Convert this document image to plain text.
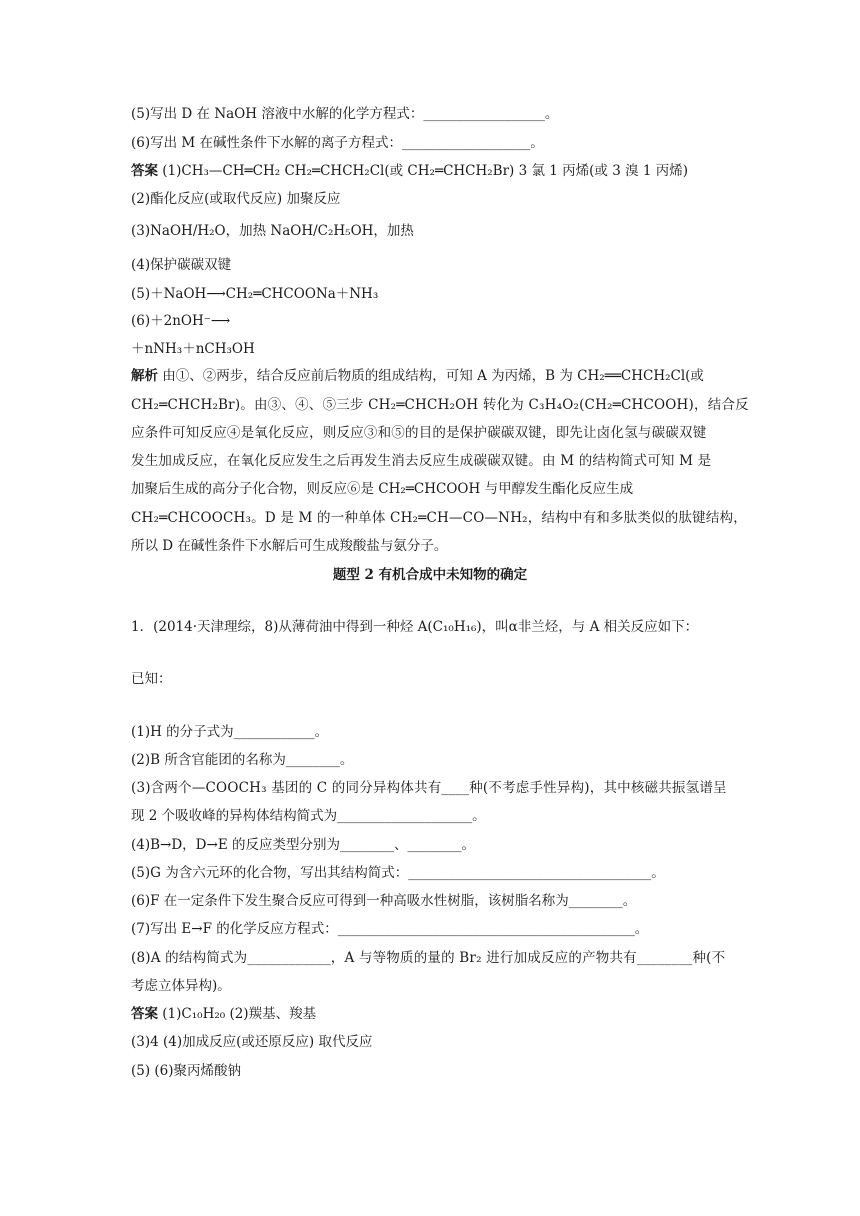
(5)写出 D 在 NaOH 溶液中水解的化学方程式：__________________。
(6)写出 M 在碱性条件下水解的离子方程式：___________________。
答案 (1)CH₃—CH═CH₂ CH₂═CHCH₂Cl(或 CH₂═CHCH₂Br) 3 氯 1 丙烯(或 3 溴 1 丙烯)
(2)酯化反应(或取代反应) 加聚反应
(3)NaOH/H₂O，加热 NaOH/C₂H₅OH，加热
(4)保护碳碳双键
(5)＋NaOH⟶CH₂═CHCOONa＋NH₃
(6)＋2nOH⁻⟶
＋nNH₃＋nCH₃OH
解析 由①、②两步，结合反应前后物质的组成结构，可知 A 为丙烯，B 为 CH₂══CHCH₂Cl(或
CH₂═CHCH₂Br)。由③、④、⑤三步 CH₂═CHCH₂OH 转化为 C₃H₄O₂(CH₂═CHCOOH)，结合反
应条件可知反应④是氧化反应，则反应③和⑤的目的是保护碳碳双键，即先让卤化氢与碳碳双键
发生加成反应，在氧化反应发生之后再发生消去反应生成碳碳双键。由 M 的结构简式可知 M 是
加聚后生成的高分子化合物，则反应⑥是 CH₂═CHCOOH 与甲醇发生酯化反应生成
CH₂═CHCOOCH₃。D 是 M 的一种单体 CH₂═CH—CO—NH₂，结构中有和多肽类似的肽键结构，
所以 D 在碱性条件下水解后可生成羧酸盐与氨分子。
题型 2 有机合成中未知物的确定
1．(2014·天津理综，8)从薄荷油中得到一种烃 A(C₁₀H₁₆)，叫α非兰烃，与 A 相关反应如下：
已知：
(1)H 的分子式为____________。
(2)B 所含官能团的名称为________。
(3)含两个—COOCH₃ 基团的 C 的同分异构体共有____种(不考虑手性异构)，其中核磁共振氢谱呈
现 2 个吸收峰的异构体结构简式为____________________。
(4)B→D，D→E 的反应类型分别为________、________。
(5)G 为含六元环的化合物，写出其结构简式：____________________________________。
(6)F 在一定条件下发生聚合反应可得到一种高吸水性树脂，该树脂名称为________。
(7)写出 E→F 的化学反应方程式：____________________________________________。
(8)A 的结构简式为____________，A 与等物质的量的 Br₂ 进行加成反应的产物共有________种(不
考虑立体异构)。
答案 (1)C₁₀H₂₀ (2)羰基、羧基
(3)4 (4)加成反应(或还原反应) 取代反应
(5) (6)聚丙烯酸钠
